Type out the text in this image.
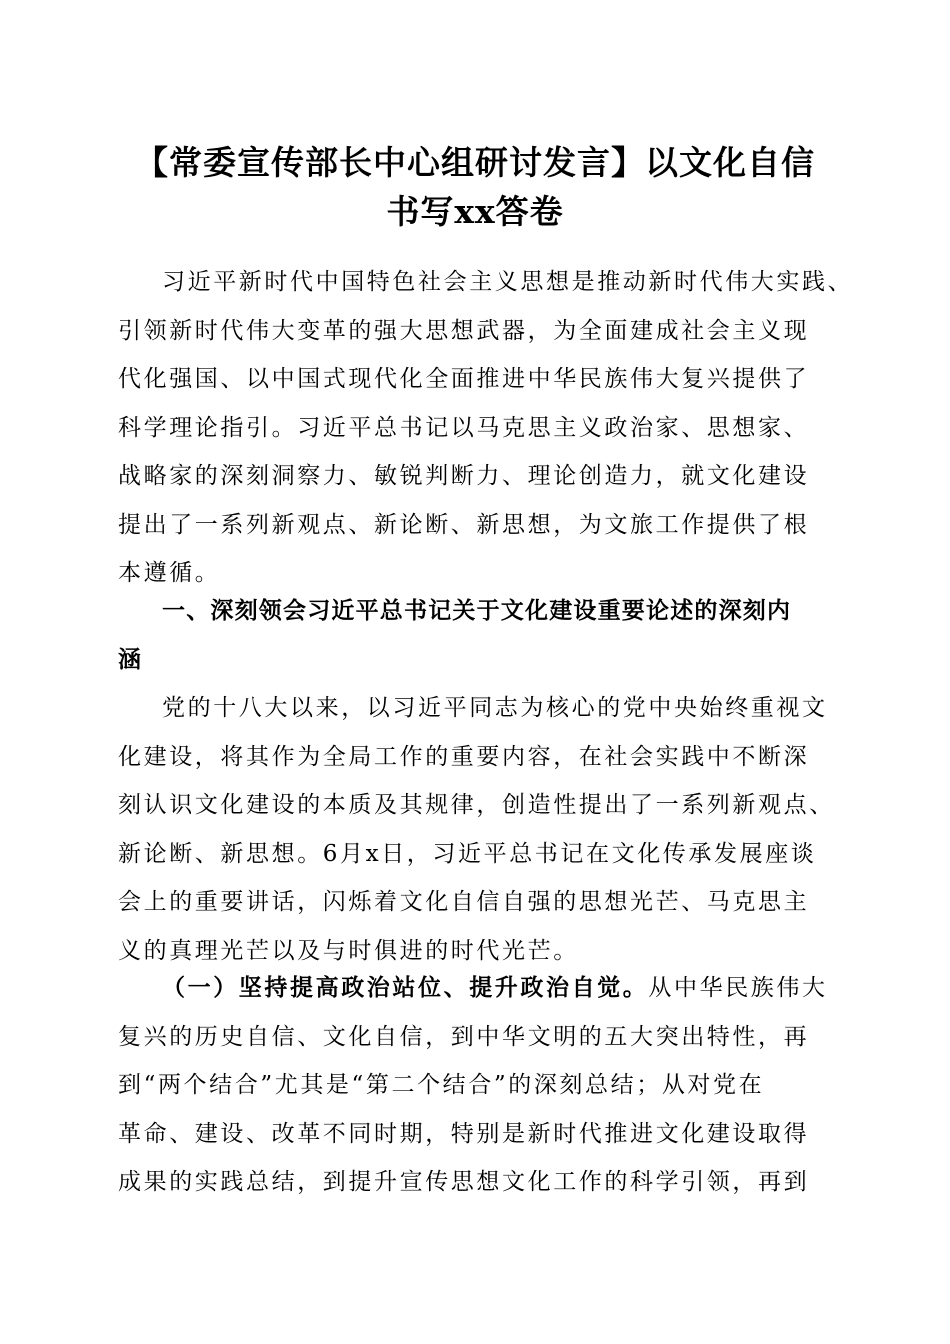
【常委宣传部长中心组研讨发言】以文化自信
书写xx答卷
习近平新时代中国特色社会主义思想是推动新时代伟大实践、
引领新时代伟大变革的强大思想武器，为全面建成社会主义现
代化强国、以中国式现代化全面推进中华民族伟大复兴提供了
科学理论指引。习近平总书记以马克思主义政治家、思想家、
战略家的深刻洞察力、敏锐判断力、理论创造力，就文化建设
提出了一系列新观点、新论断、新思想，为文旅工作提供了根
本遵循。
一、深刻领会习近平总书记关于文化建设重要论述的深刻内
涵
党的十八大以来，以习近平同志为核心的党中央始终重视文
化建设，将其作为全局工作的重要内容，在社会实践中不断深
刻认识文化建设的本质及其规律，创造性提出了一系列新观点、
新论断、新思想。6月x日，习近平总书记在文化传承发展座谈
会上的重要讲话，闪烁着文化自信自强的思想光芒、马克思主
义的真理光芒以及与时俱进的时代光芒。
（一）坚持提高政治站位、提升政治自觉。从中华民族伟大
复兴的历史自信、文化自信，到中华文明的五大突出特性，再
到“两个结合”尤其是“第二个结合”的深刻总结；从对党在
革命、建设、改革不同时期，特别是新时代推进文化建设取得
成果的实践总结，到提升宣传思想文化工作的科学引领，再到
